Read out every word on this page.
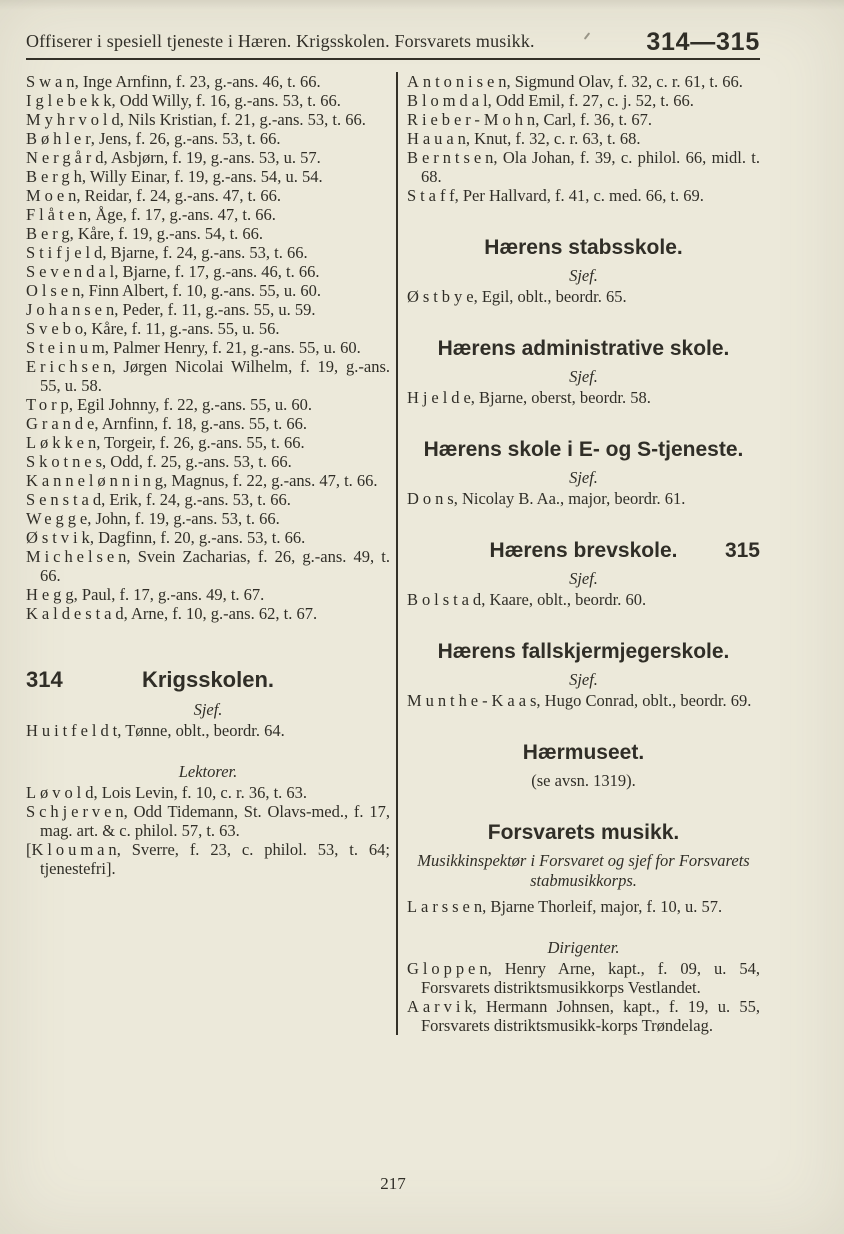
Offiserer i spesiell tjeneste i Hæren. Krigsskolen. Forsvarets musikk.	314—315

Swan, Inge Arnfinn, f. 23, g.-ans. 46, t. 66.

Iglebekk, Odd Willy, f. 16, g.-ans. 53, t. 66.

Myhrvold, Nils Kristian, f. 21, g.-ans. 53, t. 66.

Bøhler, Jens, f. 26, g.-ans. 53, t. 66.

Nergård, Asbjørn, f. 19, g.-ans. 53, u. 57.

Bergh, Willy Einar, f. 19, g.-ans. 54, u. 54.

Moen, Reidar, f. 24, g.-ans. 47, t. 66.

Flåten, Åge, f. 17, g.-ans. 47, t. 66.

Berg, Kåre, f. 19, g.-ans. 54, t. 66.

Stifjeld, Bjarne, f. 24, g.-ans. 53, t. 66.

Sevendal, Bjarne, f. 17, g.-ans. 46, t. 66.

Olsen, Finn Albert, f. 10, g.-ans. 55, u. 60.

Johansen, Peder, f. 11, g.-ans. 55, u. 59.

Svebo, Kåre, f. 11, g.-ans. 55, u. 56.

Steinum, Palmer Henry, f. 21, g.-ans. 55, u. 60.

Erichsen, Jørgen Nicolai Wilhelm, f. 19, g.-ans. 55, u. 58.

Torp, Egil Johnny, f. 22, g.-ans. 55, u. 60.

Grande, Arnfinn, f. 18, g.-ans. 55, t. 66.

Løkken, Torgeir, f. 26, g.-ans. 55, t. 66.

Skotnes, Odd, f. 25, g.-ans. 53, t. 66.

Kannelønning, Magnus, f. 22, g.-ans. 47, t. 66.

Senstad, Erik, f. 24, g.-ans. 53, t. 66.

Wegge, John, f. 19, g.-ans. 53, t. 66.

Østvik, Dagfinn, f. 20, g.-ans. 53, t. 66.

Michelsen, Svein Zacharias, f. 26, g.-ans. 49, t. 66.

Hegg, Paul, f. 17, g.-ans. 49, t. 67.

Kaldestad, Arne, f. 10, g.-ans. 62, t. 67.

314	Krigsskolen.

Sjef.

Huitfeldt, Tønne, oblt., beordr. 64.

Lektorer.

Løvold, Lois Levin, f. 10, c. r. 36, t. 63.

Schjerven, Odd Tidemann, St. Olavs-med., f. 17, mag. art. & c. philol. 57, t. 63.

[Klouman, Sverre, f. 23, c. philol. 53, t. 64; tjenestefri].

Antonisen, Sigmund Olav, f. 32, c. r. 61, t. 66.

Blomdal, Odd Emil, f. 27, c. j. 52, t. 66.

Rieber-Mohn, Carl, f. 36, t. 67.

Hauan, Knut, f. 32, c. r. 63, t. 68.

Berntsen, Ola Johan, f. 39, c. philol. 66, midl. t. 68.

Staff, Per Hallvard, f. 41, c. med. 66, t. 69.

Hærens stabsskole.

Sjef.

Østbye, Egil, oblt., beordr. 65.

Hærens administrative skole.

Sjef.

Hjelde, Bjarne, oberst, beordr. 58.

Hærens skole i E- og S-tjeneste.

Sjef.

Dons, Nicolay B. Aa., major, beordr. 61.

Hærens brevskole. 315

Sjef.

Bolstad, Kaare, oblt., beordr. 60.

Hærens fallskjermjegerskole.

Sjef.

Munthe-Kaas, Hugo Conrad, oblt., beordr. 69.

Hærmuseet.

(se avsn. 1319).

Forsvarets musikk.

Musikkinspektør i Forsvaret og sjef for Forsvarets stabmusikkorps.

Larssen, Bjarne Thorleif, major, f. 10, u. 57.

Dirigenter.

Gloppen, Henry Arne, kapt., f. 09, u. 54, Forsvarets distriktsmusikkorps Vestlandet.

Aarvik, Hermann Johnsen, kapt., f. 19, u. 55, Forsvarets distriktsmusikk-korps Trøndelag.

217
